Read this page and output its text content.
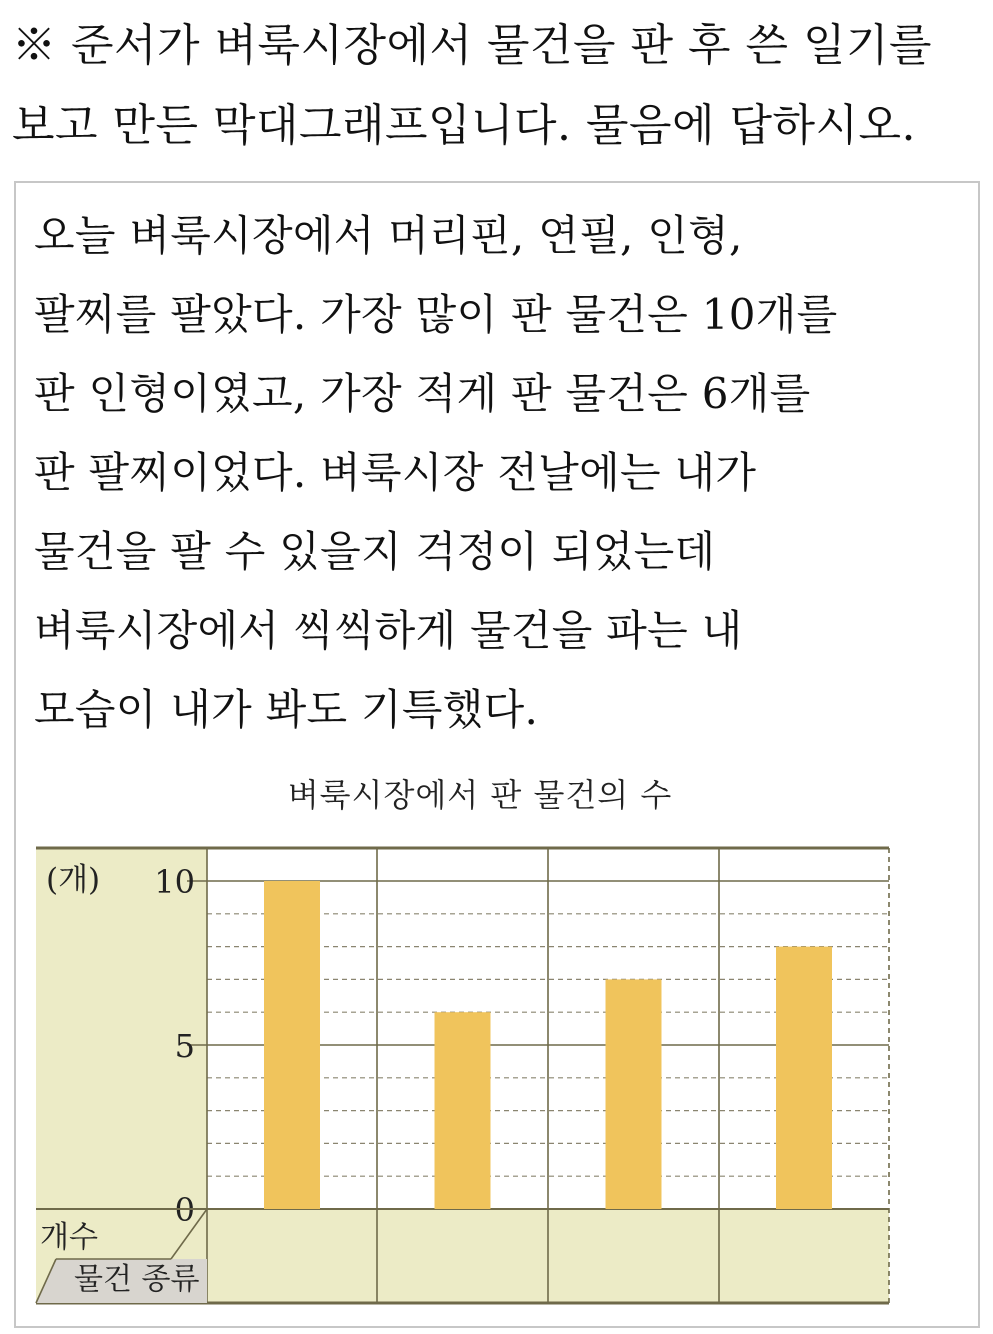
※ 준서가 벼룩시장에서 물건을 판 후 쓴 일기를
보고 만든 막대그래프입니다. 물음에 답하시오.
오늘 벼룩시장에서 머리핀, 연필, 인형,
팔찌를 팔았다. 가장 많이 판 물건은 10개를
판 인형이였고, 가장 적게 판 물건은 6개를
판 팔찌이었다. 벼룩시장 전날에는 내가
물건을 팔 수 있을지 걱정이 되었는데
벼룩시장에서 씩씩하게 물건을 파는 내
모습이 내가 봐도 기특했다.
벼룩시장에서 판 물건의 수
0
5
10
(개)
개수
물건 종류
